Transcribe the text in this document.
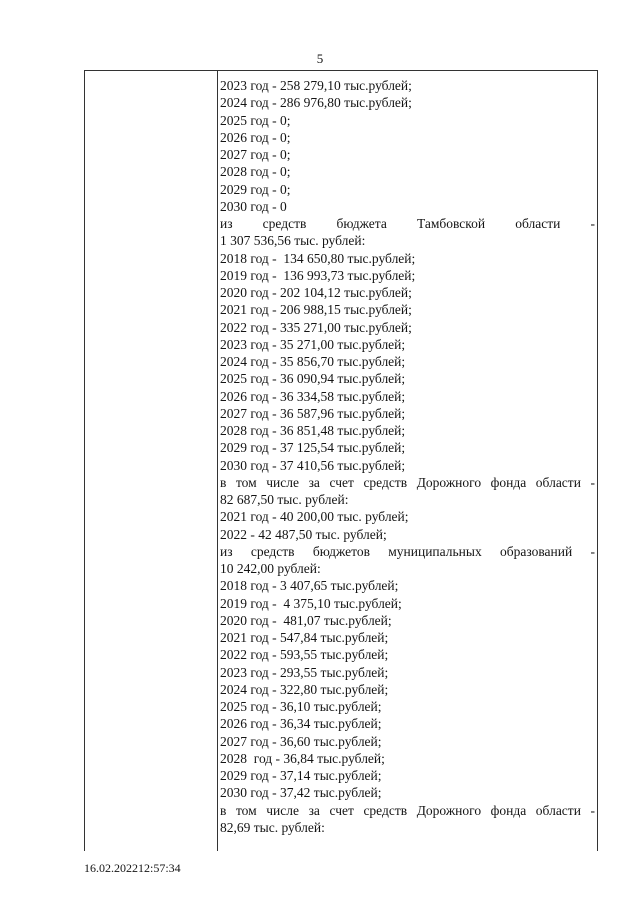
5
2023 год - 258 279,10 тыс.рублей;
2024 год - 286 976,80 тыс.рублей;
2025 год - 0;
2026 год - 0;
2027 год - 0;
2028 год - 0;
2029 год - 0;
2030 год - 0
из средств бюджета Тамбовской области -
1 307 536,56 тыс. рублей:
2018 год -  134 650,80 тыс.рублей;
2019 год -  136 993,73 тыс.рублей;
2020 год - 202 104,12 тыс.рублей;
2021 год - 206 988,15 тыс.рублей;
2022 год - 335 271,00 тыс.рублей;
2023 год - 35 271,00 тыс.рублей;
2024 год - 35 856,70 тыс.рублей;
2025 год - 36 090,94 тыс.рублей;
2026 год - 36 334,58 тыс.рублей;
2027 год - 36 587,96 тыс.рублей;
2028 год - 36 851,48 тыс.рублей;
2029 год - 37 125,54 тыс.рублей;
2030 год - 37 410,56 тыс.рублей;
в том числе за счет средств Дорожного фонда области -
82 687,50 тыс. рублей:
2021 год - 40 200,00 тыс. рублей;
2022 - 42 487,50 тыс. рублей;
из средств бюджетов муниципальных образований -
10 242,00 рублей:
2018 год - 3 407,65 тыс.рублей;
2019 год -  4 375,10 тыс.рублей;
2020 год -  481,07 тыс.рублей;
2021 год - 547,84 тыс.рублей;
2022 год - 593,55 тыс.рублей;
2023 год - 293,55 тыс.рублей;
2024 год - 322,80 тыс.рублей;
2025 год - 36,10 тыс.рублей;
2026 год - 36,34 тыс.рублей;
2027 год - 36,60 тыс.рублей;
2028  год - 36,84 тыс.рублей;
2029 год - 37,14 тыс.рублей;
2030 год - 37,42 тыс.рублей;
в том числе за счет средств Дорожного фонда области -
82,69 тыс. рублей:
16.02.202212:57:34
